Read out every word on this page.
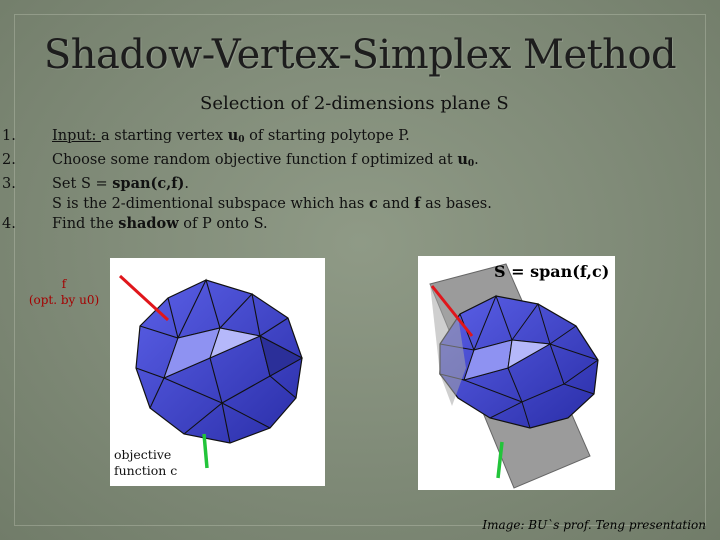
Shadow-Vertex-Simplex Method
Selection of 2-dimensions plane S
1.	Input: a starting vertex $u_0$ of starting polytope P.
2.	Choose some random objective function f optimized at $u_0$.
3.	Set S = span(c,f).
S is the 2-dimentional subspace which has c and f as bases.
4.	Find the shadow of P onto S.
f
(opt. by u0)
objective
function c
S = span(f,c)
Image: BU`s prof. Teng presentation
